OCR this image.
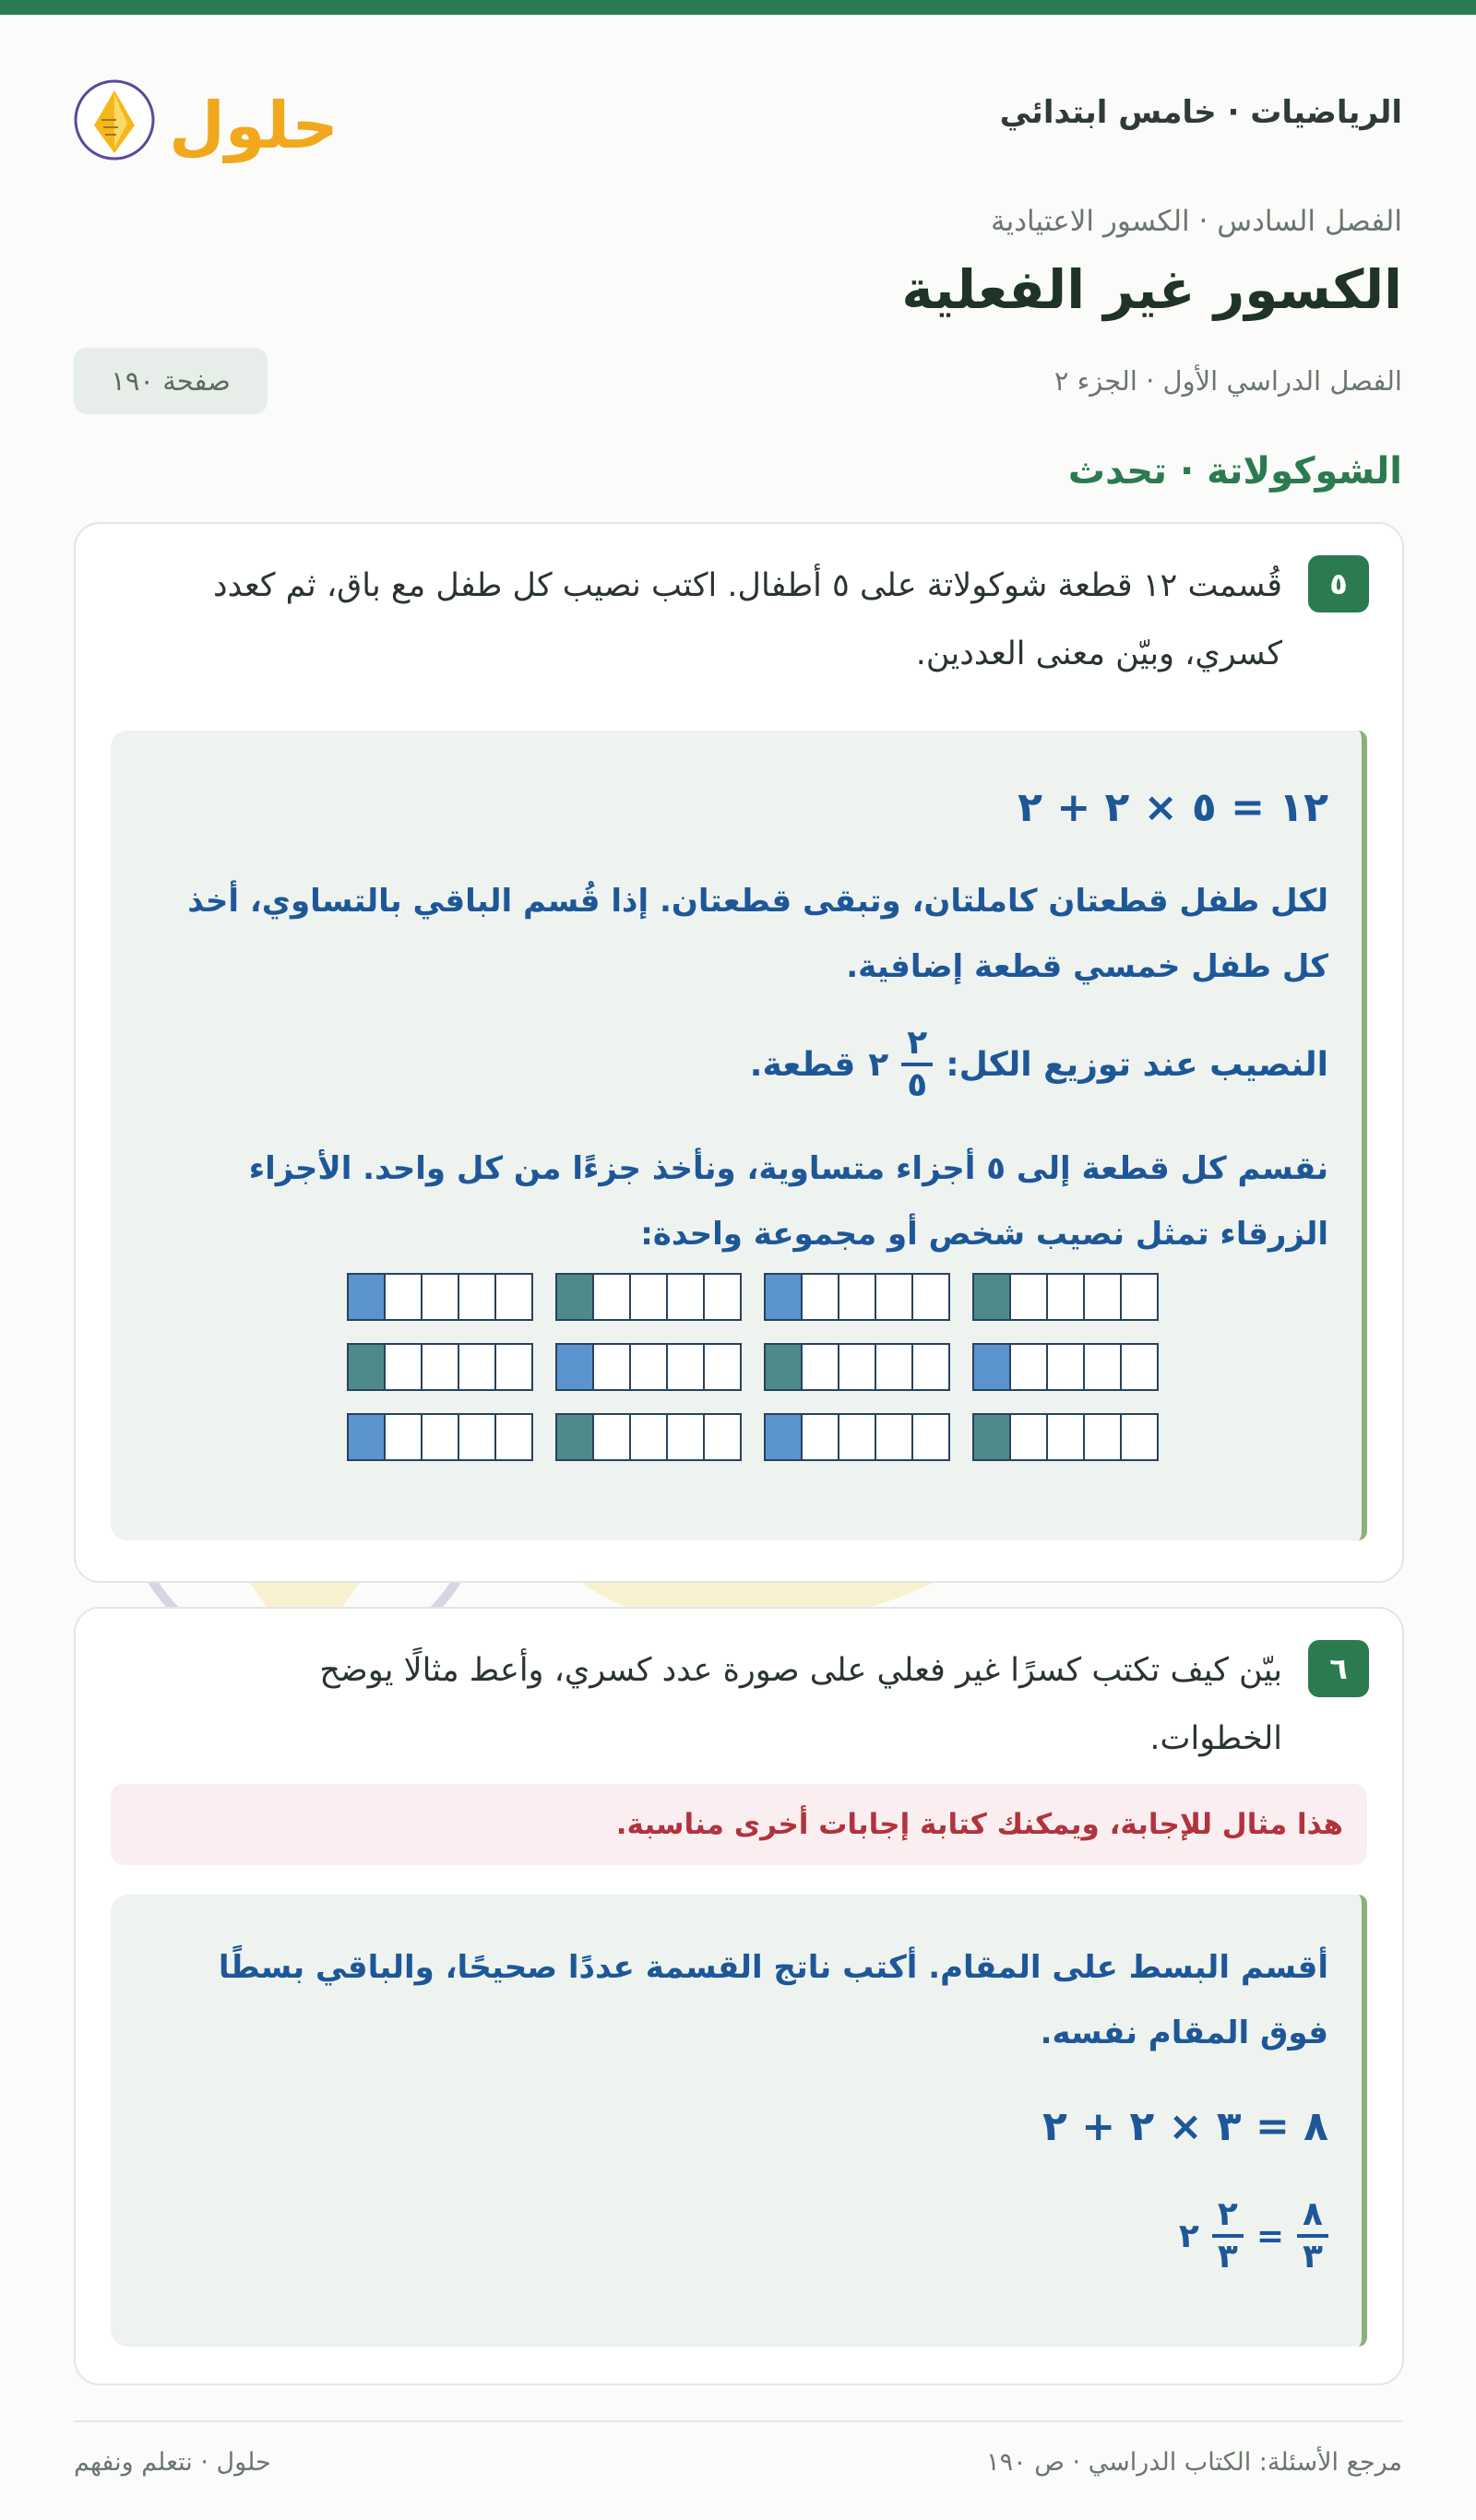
الرياضيات · خامس ابتدائي
حلول
الفصل السادس · الكسور الاعتيادية
الكسور غير الفعلية
الفصل الدراسي الأول · الجزء ٢
صفحة ١٩٠
الشوكولاتة · تحدث
٥
قُسمت ١٢ قطعة شوكولاتة على ٥ أطفال. اكتب نصيب كل طفل مع باق، ثم كعدد كسري، وبيّن معنى العددين.
١٢ = ٥ × ٢ + ٢
لكل طفل قطعتان كاملتان، وتبقى قطعتان. إذا قُسم الباقي بالتساوي، أخذ كل طفل خمسي قطعة إضافية.
النصيب عند توزيع الكل:
$\frac{٢}{٥}$
٢
قطعة.
نقسم كل قطعة إلى ٥ أجزاء متساوية، ونأخذ جزءًا من كل واحد. الأجزاء الزرقاء تمثل نصيب شخص أو مجموعة واحدة:
٦
بيّن كيف تكتب كسرًا غير فعلي على صورة عدد كسري، وأعط مثالًا يوضح الخطوات.
هذا مثال للإجابة، ويمكنك كتابة إجابات أخرى مناسبة.
أقسم البسط على المقام. أكتب ناتج القسمة عددًا صحيحًا، والباقي بسطًا فوق المقام نفسه.
٨ = ٣ × ٢ + ٢
$\frac{٨}{٣}$
=
$\frac{٢}{٣}$
٢
مرجع الأسئلة: الكتاب الدراسي · ص ١٩٠
حلول · نتعلم ونفهم
